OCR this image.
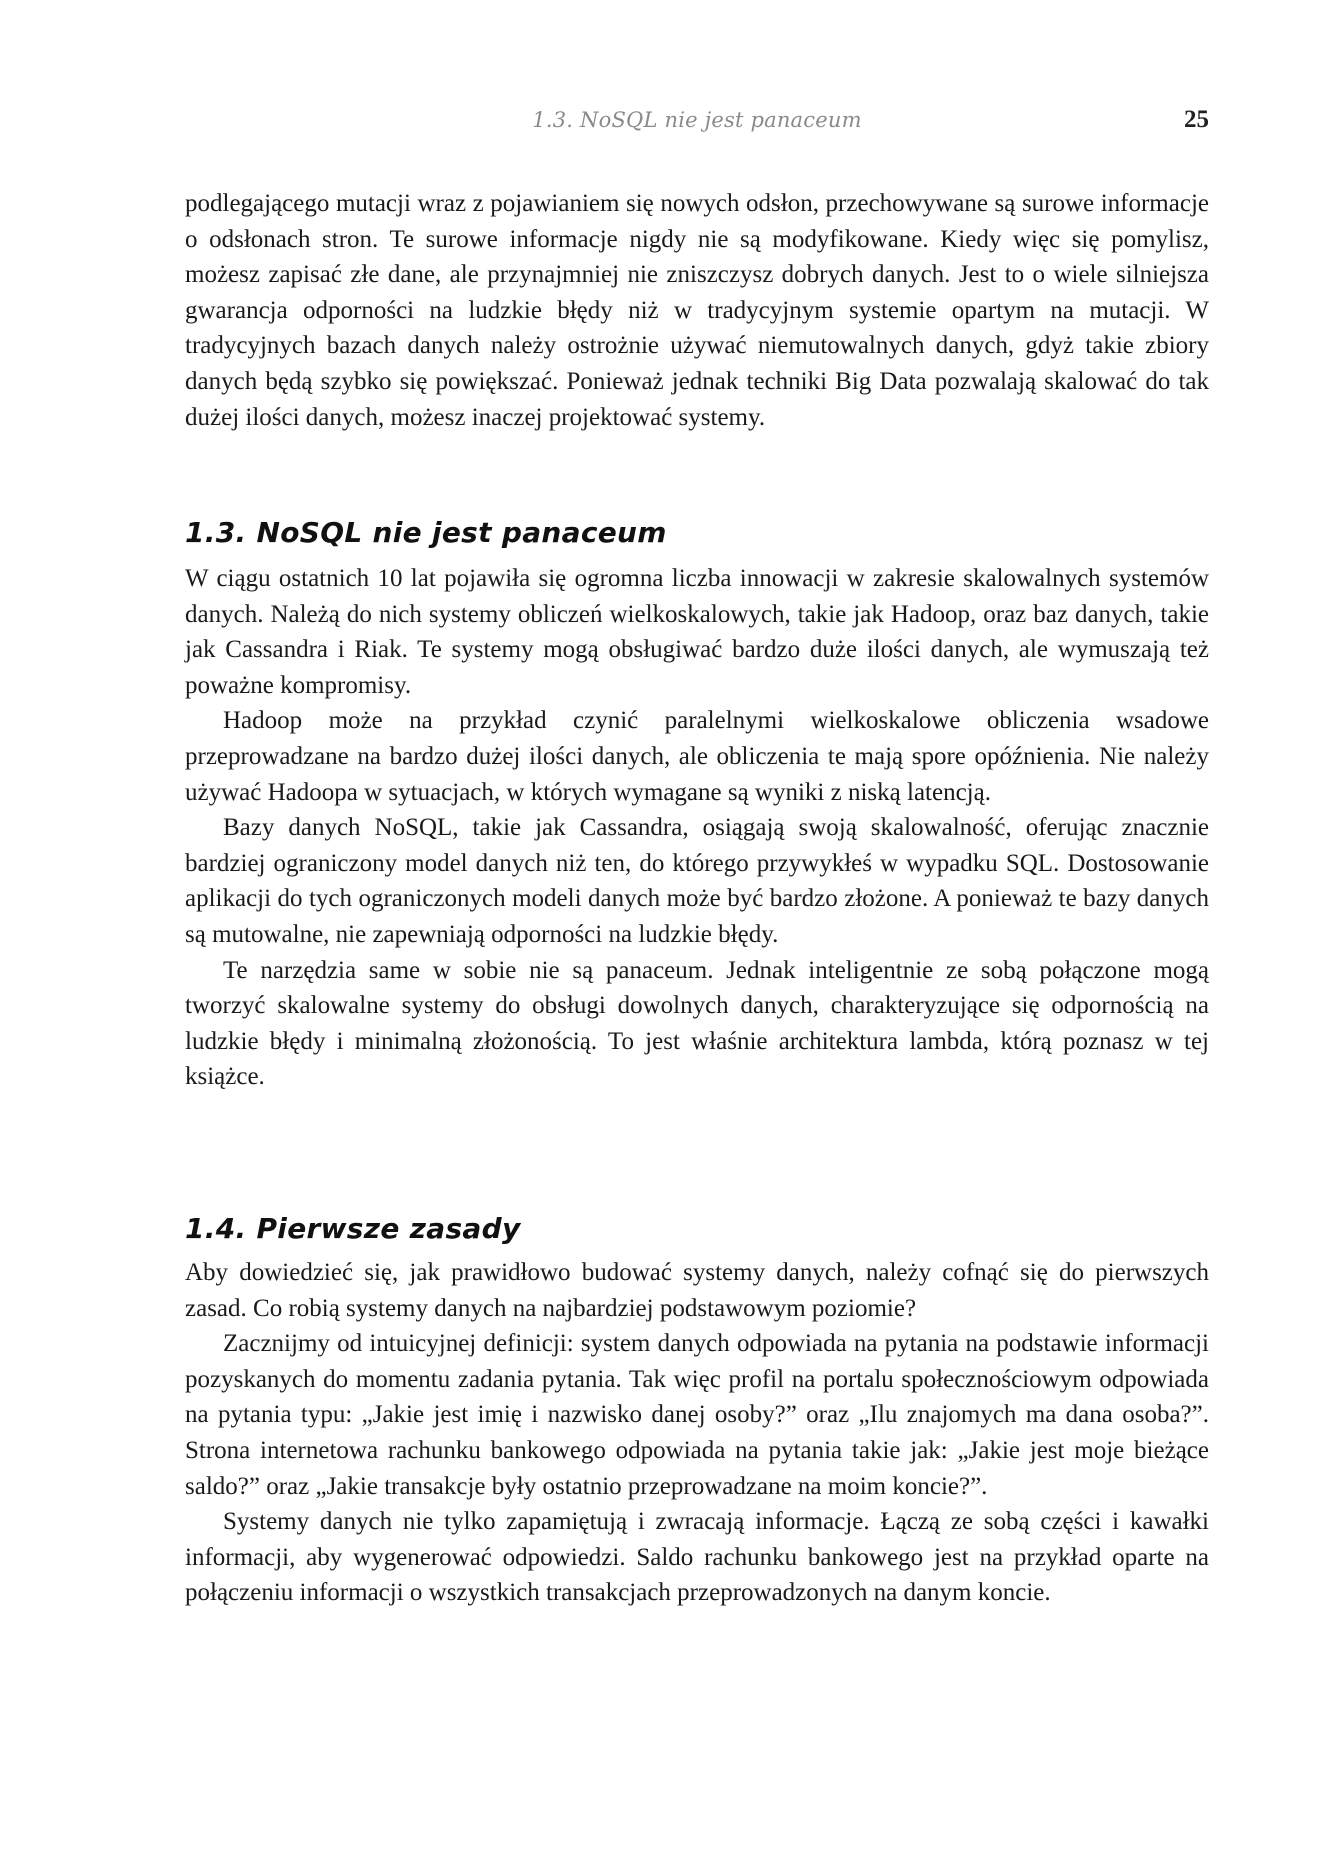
1.3. NoSQL nie jest panaceum	25

podlegającego mutacji wraz z pojawianiem się nowych odsłon, przechowywane są surowe informacje o odsłonach stron. Te surowe informacje nigdy nie są modyfikowane. Kiedy więc się pomylisz, możesz zapisać złe dane, ale przynajmniej nie zniszczysz dobrych danych. Jest to o wiele silniejsza gwarancja odporności na ludzkie błędy niż w tradycyjnym systemie opartym na mutacji. W tradycyjnych bazach danych należy ostrożnie używać niemutowalnych danych, gdyż takie zbiory danych będą szybko się powiększać. Ponieważ jednak techniki Big Data pozwalają skalować do tak dużej ilości danych, możesz inaczej projektować systemy.

1.3. NoSQL nie jest panaceum

W ciągu ostatnich 10 lat pojawiła się ogromna liczba innowacji w zakresie skalowalnych systemów danych. Należą do nich systemy obliczeń wielkoskalowych, takie jak Hadoop, oraz baz danych, takie jak Cassandra i Riak. Te systemy mogą obsługiwać bardzo duże ilości danych, ale wymuszają też poważne kompromisy.

Hadoop może na przykład czynić paralelnymi wielkoskalowe obliczenia wsadowe przeprowadzane na bardzo dużej ilości danych, ale obliczenia te mają spore opóźnienia. Nie należy używać Hadoopa w sytuacjach, w których wymagane są wyniki z niską latencją.

Bazy danych NoSQL, takie jak Cassandra, osiągają swoją skalowalność, oferując znacznie bardziej ograniczony model danych niż ten, do którego przywykłeś w wypadku SQL. Dostosowanie aplikacji do tych ograniczonych modeli danych może być bardzo złożone. A ponieważ te bazy danych są mutowalne, nie zapewniają odporności na ludzkie błędy.

Te narzędzia same w sobie nie są panaceum. Jednak inteligentnie ze sobą połączone mogą tworzyć skalowalne systemy do obsługi dowolnych danych, charakteryzujące się odpornością na ludzkie błędy i minimalną złożonością. To jest właśnie architektura lambda, którą poznasz w tej książce.

1.4. Pierwsze zasady

Aby dowiedzieć się, jak prawidłowo budować systemy danych, należy cofnąć się do pierwszych zasad. Co robią systemy danych na najbardziej podstawowym poziomie?

Zacznijmy od intuicyjnej definicji: system danych odpowiada na pytania na podstawie informacji pozyskanych do momentu zadania pytania. Tak więc profil na portalu społecznościowym odpowiada na pytania typu: „Jakie jest imię i nazwisko danej osoby?” oraz „Ilu znajomych ma dana osoba?”. Strona internetowa rachunku bankowego odpowiada na pytania takie jak: „Jakie jest moje bieżące saldo?” oraz „Jakie transakcje były ostatnio przeprowadzane na moim koncie?”.

Systemy danych nie tylko zapamiętują i zwracają informacje. Łączą ze sobą części i kawałki informacji, aby wygenerować odpowiedzi. Saldo rachunku bankowego jest na przykład oparte na połączeniu informacji o wszystkich transakcjach przeprowadzonych na danym koncie.
